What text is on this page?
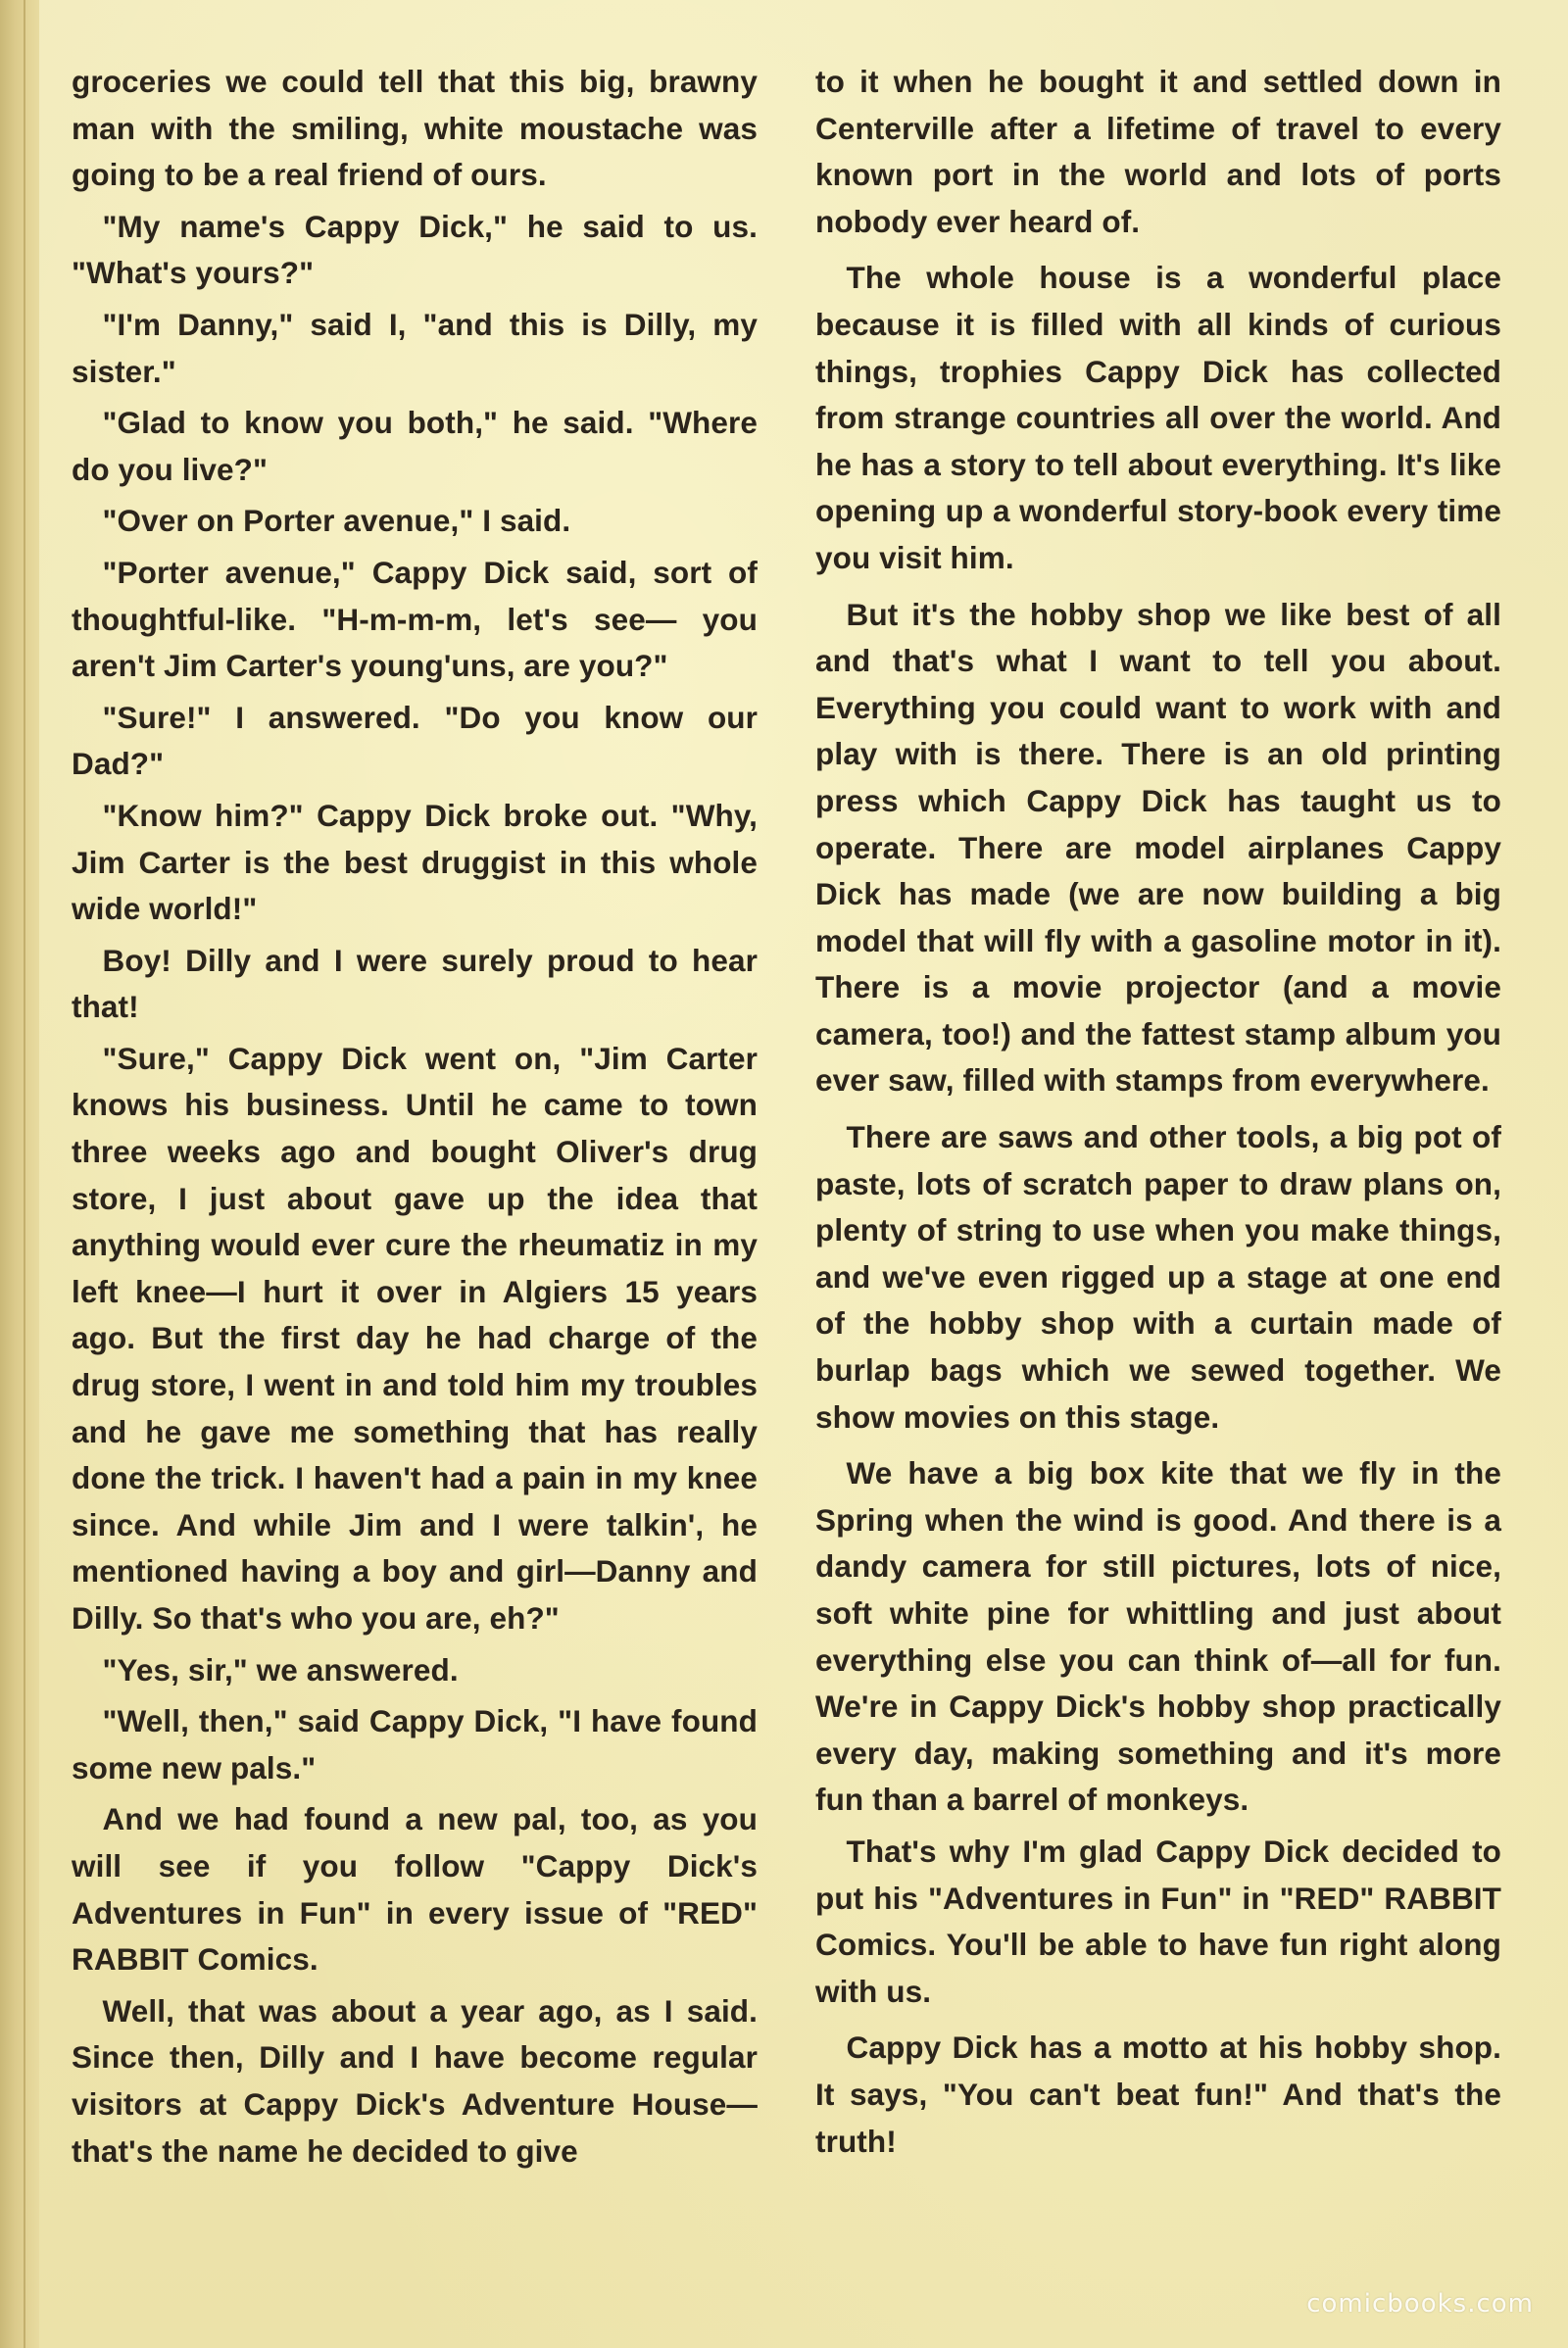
groceries we could tell that this big, brawny man with the smiling, white moustache was going to be a real friend of ours.

"My name's Cappy Dick," he said to us. "What's yours?"

"I'm Danny," said I, "and this is Dilly, my sister."

"Glad to know you both," he said. "Where do you live?"

"Over on Porter avenue," I said.

"Porter avenue," Cappy Dick said, sort of thoughtful-like. "H-m-m-m, let's see— you aren't Jim Carter's young'uns, are you?"

"Sure!" I answered. "Do you know our Dad?"

"Know him?" Cappy Dick broke out. "Why, Jim Carter is the best druggist in this whole wide world!"

Boy! Dilly and I were surely proud to hear that!

"Sure," Cappy Dick went on, "Jim Carter knows his business. Until he came to town three weeks ago and bought Oliver's drug store, I just about gave up the idea that anything would ever cure the rheumatiz in my left knee—I hurt it over in Algiers 15 years ago. But the first day he had charge of the drug store, I went in and told him my troubles and he gave me something that has really done the trick. I haven't had a pain in my knee since. And while Jim and I were talkin', he mentioned having a boy and girl—Danny and Dilly. So that's who you are, eh?"

"Yes, sir," we answered.

"Well, then," said Cappy Dick, "I have found some new pals."

And we had found a new pal, too, as you will see if you follow "Cappy Dick's Adventures in Fun" in every issue of "RED" RABBIT Comics.

Well, that was about a year ago, as I said. Since then, Dilly and I have become regular visitors at Cappy Dick's Adventure House—that's the name he decided to give

to it when he bought it and settled down in Centerville after a lifetime of travel to every known port in the world and lots of ports nobody ever heard of.

The whole house is a wonderful place because it is filled with all kinds of curious things, trophies Cappy Dick has collected from strange countries all over the world. And he has a story to tell about everything. It's like opening up a wonderful story-book every time you visit him.

But it's the hobby shop we like best of all and that's what I want to tell you about. Everything you could want to work with and play with is there. There is an old printing press which Cappy Dick has taught us to operate. There are model airplanes Cappy Dick has made (we are now building a big model that will fly with a gasoline motor in it). There is a movie projector (and a movie camera, too!) and the fattest stamp album you ever saw, filled with stamps from everywhere.

There are saws and other tools, a big pot of paste, lots of scratch paper to draw plans on, plenty of string to use when you make things, and we've even rigged up a stage at one end of the hobby shop with a curtain made of burlap bags which we sewed together. We show movies on this stage.

We have a big box kite that we fly in the Spring when the wind is good. And there is a dandy camera for still pictures, lots of nice, soft white pine for whittling and just about everything else you can think of—all for fun. We're in Cappy Dick's hobby shop practically every day, making something and it's more fun than a barrel of monkeys.

That's why I'm glad Cappy Dick decided to put his "Adventures in Fun" in "RED" RABBIT Comics. You'll be able to have fun right along with us.

Cappy Dick has a motto at his hobby shop. It says, "You can't beat fun!" And that's the truth!

comicbooks.com
